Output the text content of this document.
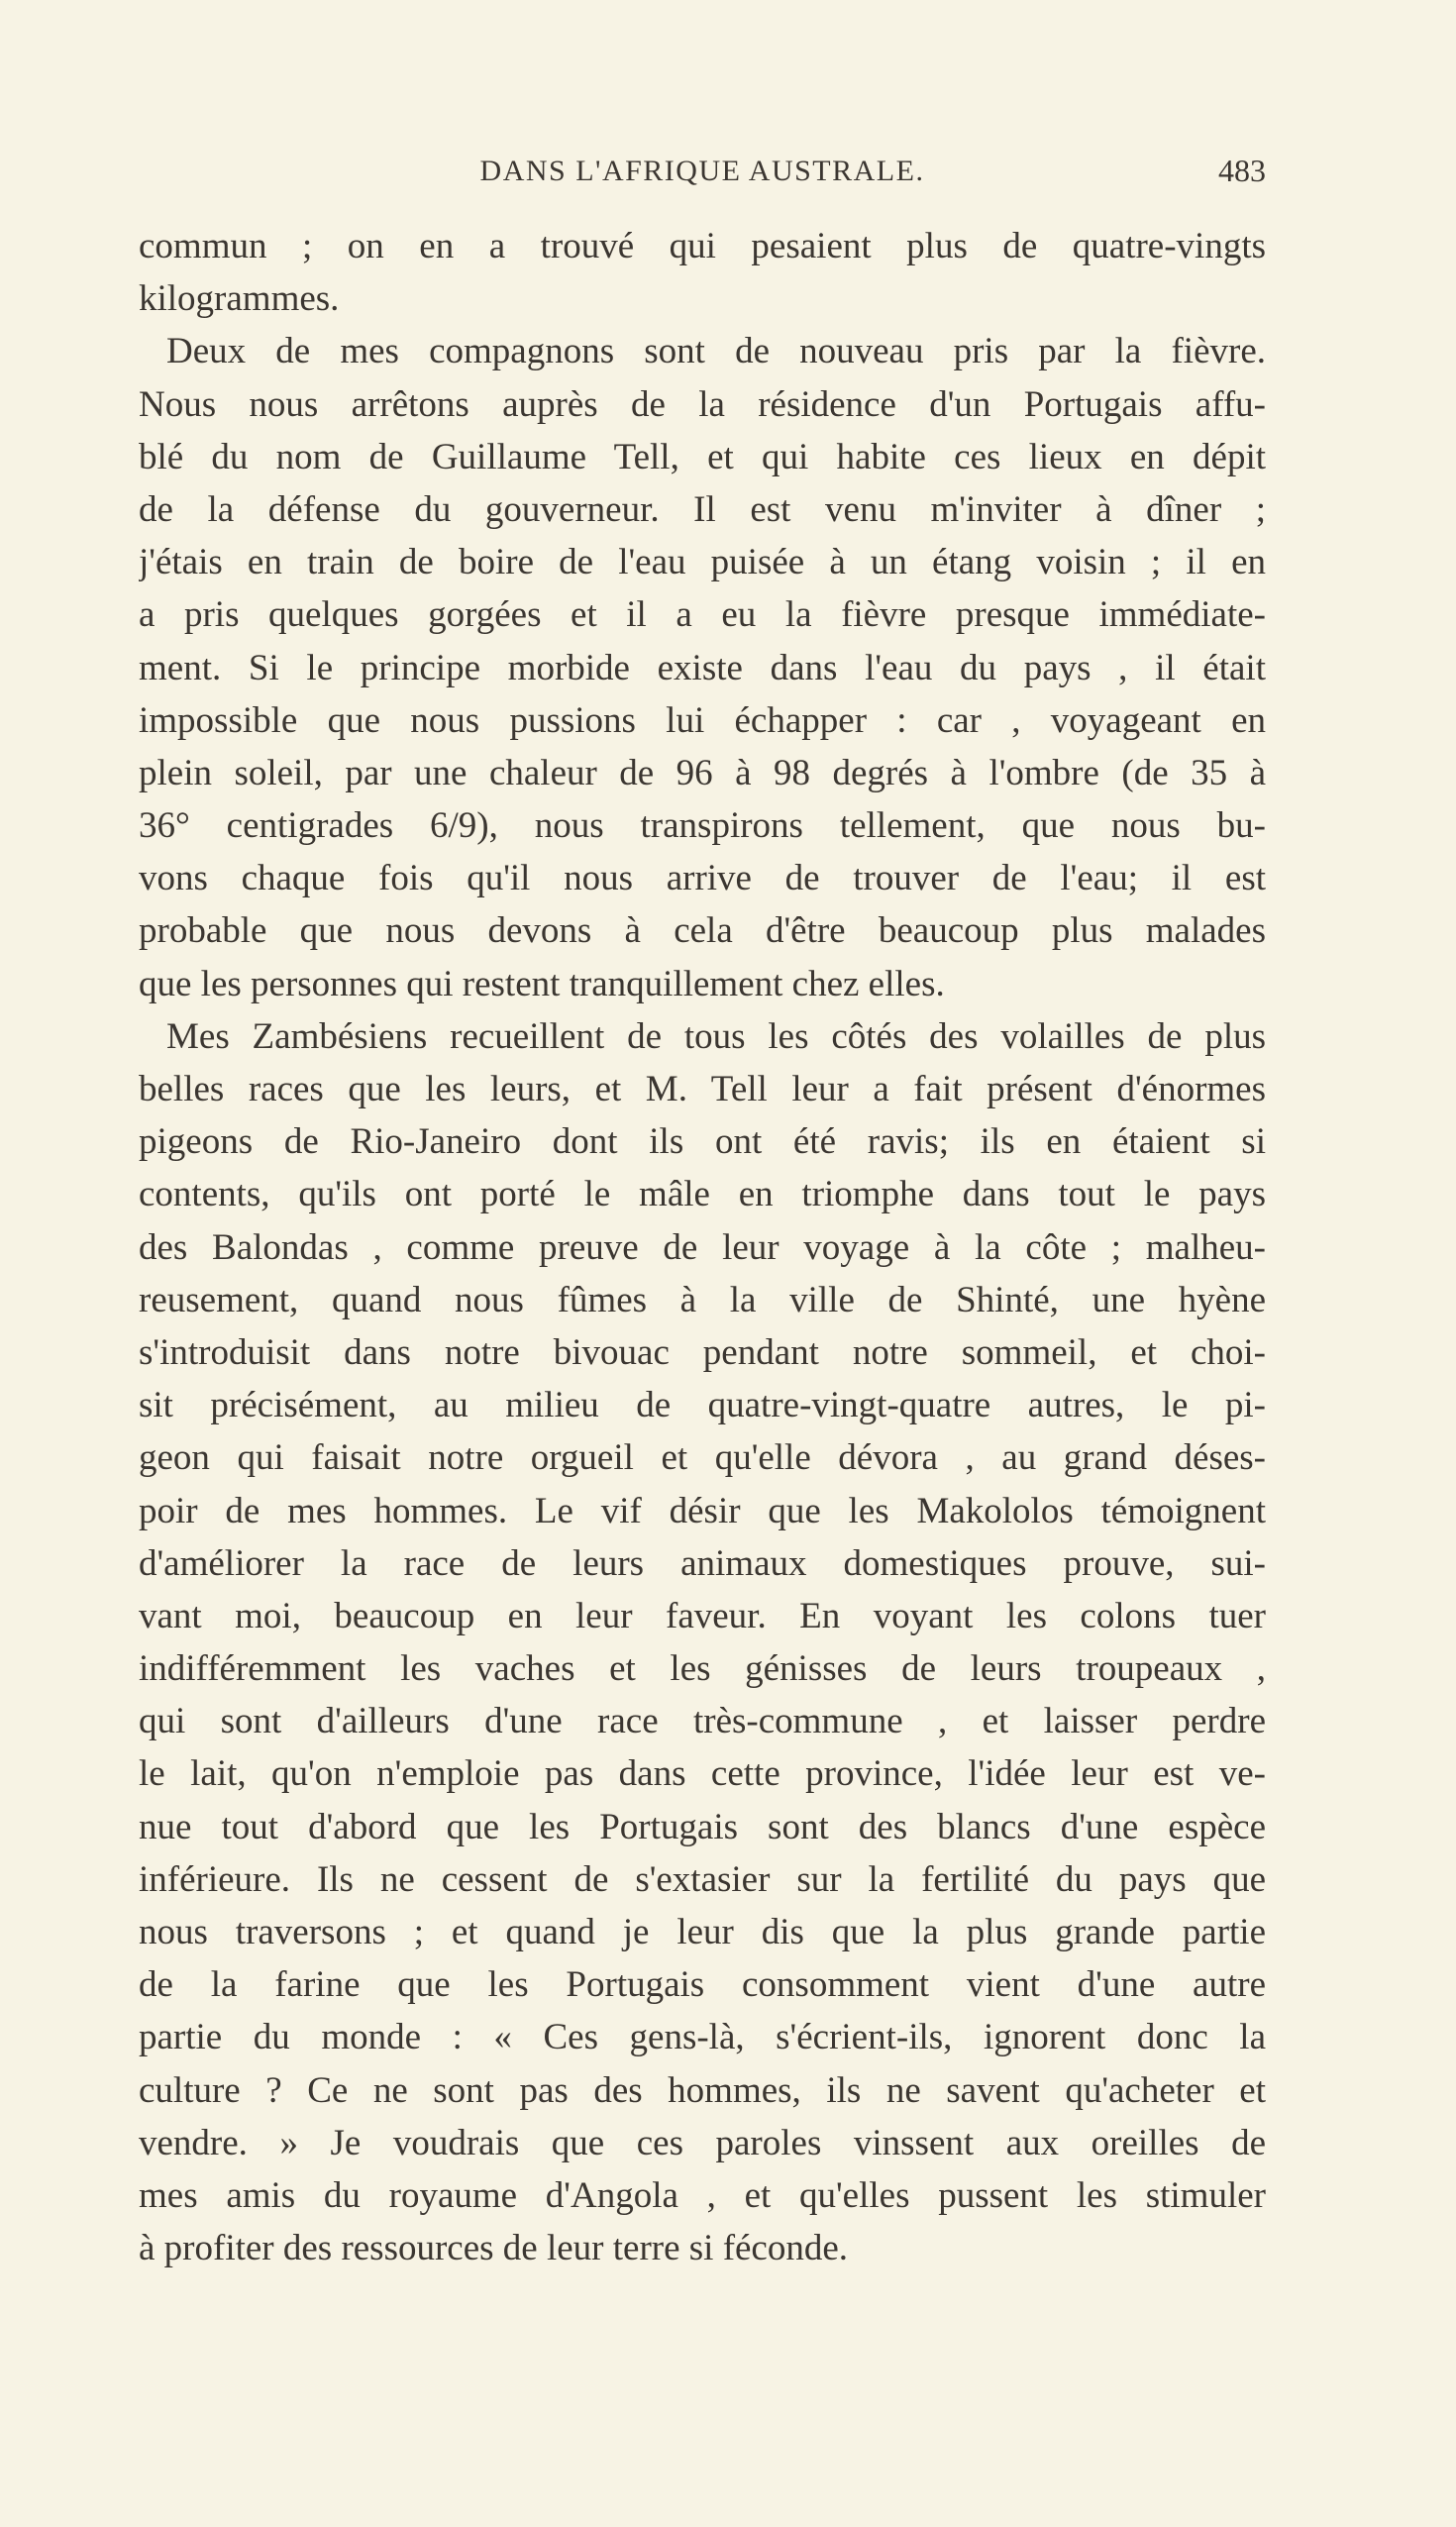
DANS L'AFRIQUE AUSTRALE.	483
commun ; on en a trouvé qui pesaient plus de quatre-vingts
kilogrammes.
Deux de mes compagnons sont de nouveau pris par la fièvre.
Nous nous arrêtons auprès de la résidence d'un Portugais affu-
blé du nom de Guillaume Tell, et qui habite ces lieux en dépit
de la défense du gouverneur. Il est venu m'inviter à dîner ;
j'étais en train de boire de l'eau puisée à un étang voisin ; il en
a pris quelques gorgées et il a eu la fièvre presque immédiate-
ment. Si le principe morbide existe dans l'eau du pays , il était
impossible que nous pussions lui échapper : car , voyageant en
plein soleil, par une chaleur de 96 à 98 degrés à l'ombre (de 35 à
36° centigrades 6/9), nous transpirons tellement, que nous bu-
vons chaque fois qu'il nous arrive de trouver de l'eau; il est
probable que nous devons à cela d'être beaucoup plus malades
que les personnes qui restent tranquillement chez elles.
Mes Zambésiens recueillent de tous les côtés des volailles de plus
belles races que les leurs, et M. Tell leur a fait présent d'énormes
pigeons de Rio-Janeiro dont ils ont été ravis; ils en étaient si
contents, qu'ils ont porté le mâle en triomphe dans tout le pays
des Balondas , comme preuve de leur voyage à la côte ; malheu-
reusement, quand nous fûmes à la ville de Shinté, une hyène
s'introduisit dans notre bivouac pendant notre sommeil, et choi-
sit précisément, au milieu de quatre-vingt-quatre autres, le pi-
geon qui faisait notre orgueil et qu'elle dévora , au grand déses-
poir de mes hommes. Le vif désir que les Makololos témoignent
d'améliorer la race de leurs animaux domestiques prouve, sui-
vant moi, beaucoup en leur faveur. En voyant les colons tuer
indifféremment les vaches et les génisses de leurs troupeaux ,
qui sont d'ailleurs d'une race très-commune , et laisser perdre
le lait, qu'on n'emploie pas dans cette province, l'idée leur est ve-
nue tout d'abord que les Portugais sont des blancs d'une espèce
inférieure. Ils ne cessent de s'extasier sur la fertilité du pays que
nous traversons ; et quand je leur dis que la plus grande partie
de la farine que les Portugais consomment vient d'une autre
partie du monde : « Ces gens-là, s'écrient-ils, ignorent donc la
culture ? Ce ne sont pas des hommes, ils ne savent qu'acheter et
vendre. » Je voudrais que ces paroles vinssent aux oreilles de
mes amis du royaume d'Angola , et qu'elles pussent les stimuler
à profiter des ressources de leur terre si féconde.
